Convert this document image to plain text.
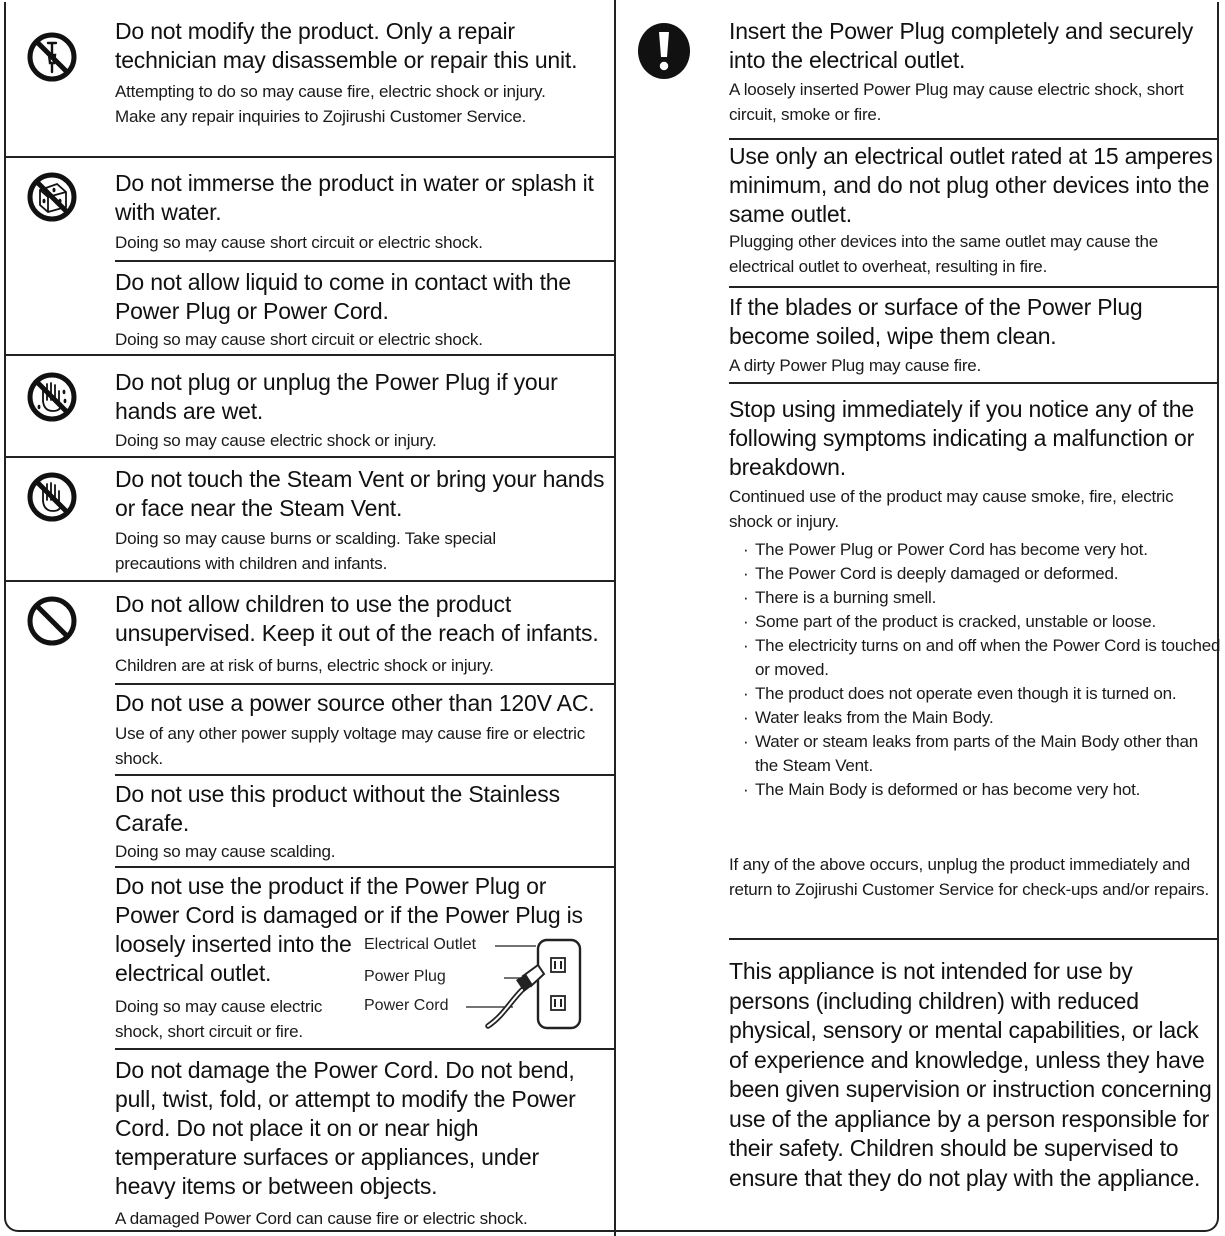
Do not modify the product. Only a repair technician may disassemble or repair this unit.
Attempting to do so may cause fire, electric shock or injury. Make any repair inquiries to Zojirushi Customer Service.
Do not immerse the product in water or splash it with water.
Doing so may cause short circuit or electric shock.
Do not allow liquid to come in contact with the Power Plug or Power Cord.
Doing so may cause short circuit or electric shock.
Do not plug or unplug the Power Plug if your hands are wet.
Doing so may cause electric shock or injury.
Do not touch the Steam Vent or bring your hands or face near the Steam Vent.
Doing so may cause burns or scalding. Take special precautions with children and infants.
Do not allow children to use the product unsupervised. Keep it out of the reach of infants.
Children are at risk of burns, electric shock or injury.
Do not use a power source other than 120V AC.
Use of any other power supply voltage may cause fire or electric shock.
Do not use this product without the Stainless Carafe.
Doing so may cause scalding.
Do not use the product if the Power Plug or Power Cord is damaged or if the Power Plug is
loosely inserted into the electrical outlet.
Doing so may cause electric shock, short circuit or fire.
Electrical Outlet
Power Plug
Power Cord
Do not damage the Power Cord. Do not bend, pull, twist, fold, or attempt to modify the Power Cord. Do not place it on or near high temperature surfaces or appliances, under heavy items or between objects.
A damaged Power Cord can cause fire or electric shock.
Insert the Power Plug completely and securely into the electrical outlet.
A loosely inserted Power Plug may cause electric shock, short circuit, smoke or fire.
Use only an electrical outlet rated at 15 amperes minimum, and do not plug other devices into the same outlet.
Plugging other devices into the same outlet may cause the electrical outlet to overheat, resulting in fire.
If the blades or surface of the Power Plug become soiled, wipe them clean.
A dirty Power Plug may cause fire.
Stop using immediately if you notice any of the following symptoms indicating a malfunction or breakdown.
Continued use of the product may cause smoke, fire, electric shock or injury.
· The Power Plug or Power Cord has become very hot.
· The Power Cord is deeply damaged or deformed.
· There is a burning smell.
· Some part of the product is cracked, unstable or loose.
· The electricity turns on and off when the Power Cord is touched or moved.
· The product does not operate even though it is turned on.
· Water leaks from the Main Body.
· Water or steam leaks from parts of the Main Body other than the Steam Vent.
· The Main Body is deformed or has become very hot.
If any of the above occurs, unplug the product immediately and return to Zojirushi Customer Service for check-ups and/or repairs.
This appliance is not intended for use by persons (including children) with reduced physical, sensory or mental capabilities, or lack of experience and knowledge, unless they have been given supervision or instruction concerning use of the appliance by a person responsible for their safety. Children should be supervised to ensure that they do not play with the appliance.
